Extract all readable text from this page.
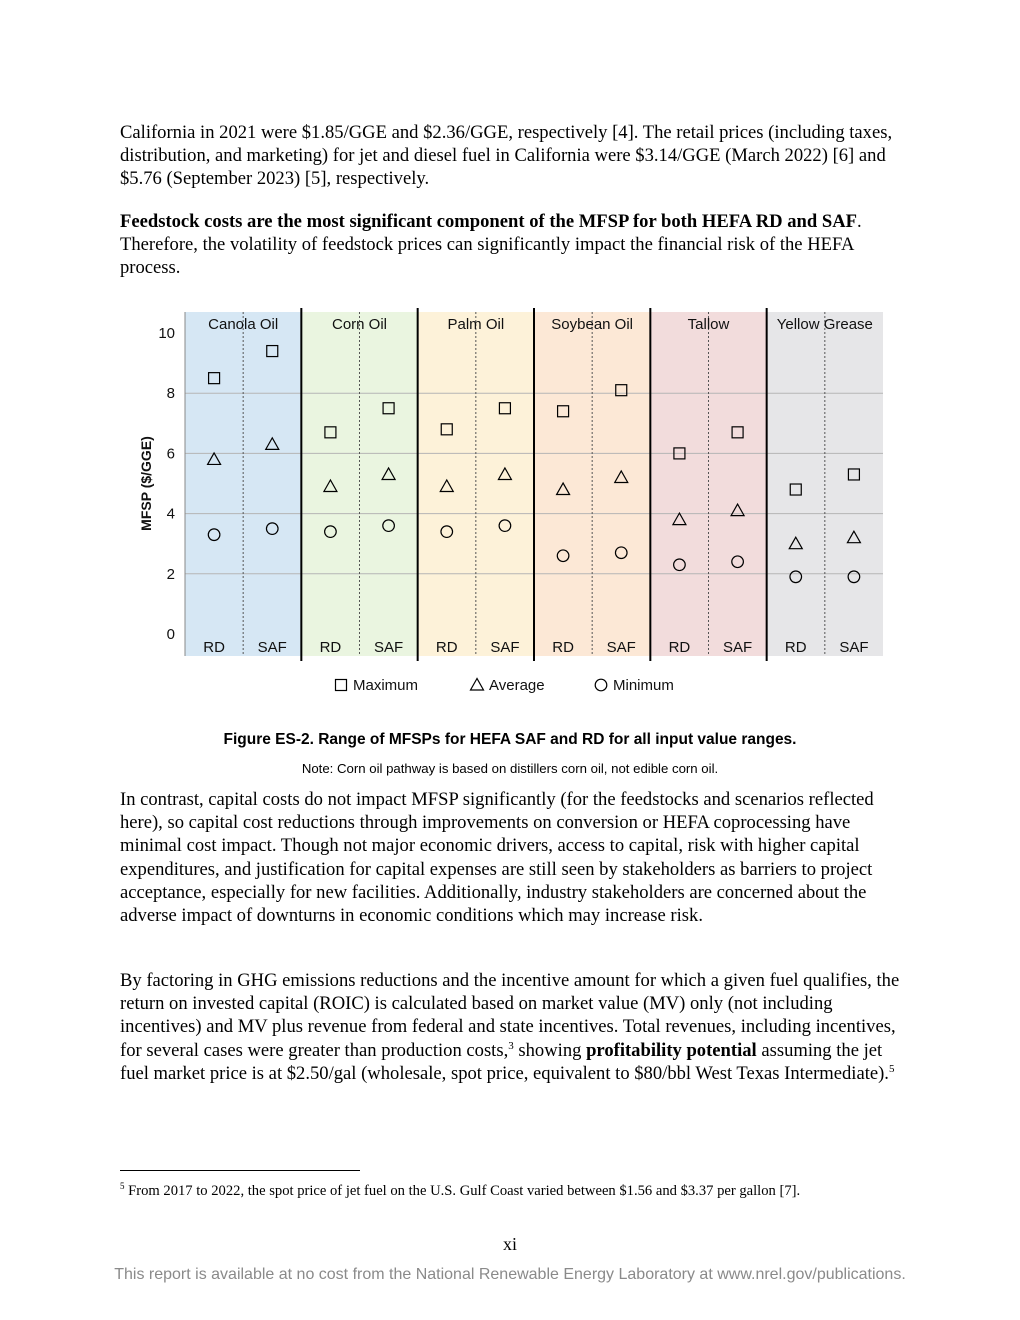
California in 2021 were $1.85/GGE and $2.36/GGE, respectively [4]. The retail prices (including taxes, distribution, and marketing) for jet and diesel fuel in California were $3.14/GGE (March 2022) [6] and $5.76 (September 2023) [5], respectively.

Feedstock costs are the most significant component of the MFSP for both HEFA RD and SAF. Therefore, the volatility of feedstock prices can significantly impact the financial risk of the HEFA process.

0
2
4
6
8
10
MFSP ($/GGE)
Canola Oil
RD SAF
Corn Oil
RD SAF
Palm Oil
RD SAF
Soybean Oil
RD SAF
Tallow
RD SAF
Yellow Grease
RD SAF
Maximum	Average	Minimum

Figure ES-2. Range of MFSPs for HEFA SAF and RD for all input value ranges.

Note: Corn oil pathway is based on distillers corn oil, not edible corn oil.

In contrast, capital costs do not impact MFSP significantly (for the feedstocks and scenarios reflected here), so capital cost reductions through improvements on conversion or HEFA coprocessing have minimal cost impact. Though not major economic drivers, access to capital, risk with higher capital expenditures, and justification for capital expenses are still seen by stakeholders as barriers to project acceptance, especially for new facilities. Additionally, industry stakeholders are concerned about the adverse impact of downturns in economic conditions which may increase risk.

By factoring in GHG emissions reductions and the incentive amount for which a given fuel qualifies, the return on invested capital (ROIC) is calculated based on market value (MV) only (not including incentives) and MV plus revenue from federal and state incentives. Total revenues, including incentives, for several cases were greater than production costs,$^3$ showing profitability potential assuming the jet fuel market price is at $2.50/gal (wholesale, spot price, equivalent to $80/bbl West Texas Intermediate).$^5$

$^5$ From 2017 to 2022, the spot price of jet fuel on the U.S. Gulf Coast varied between $1.56 and $3.37 per gallon [7].

xi

This report is available at no cost from the National Renewable Energy Laboratory at www.nrel.gov/publications.
